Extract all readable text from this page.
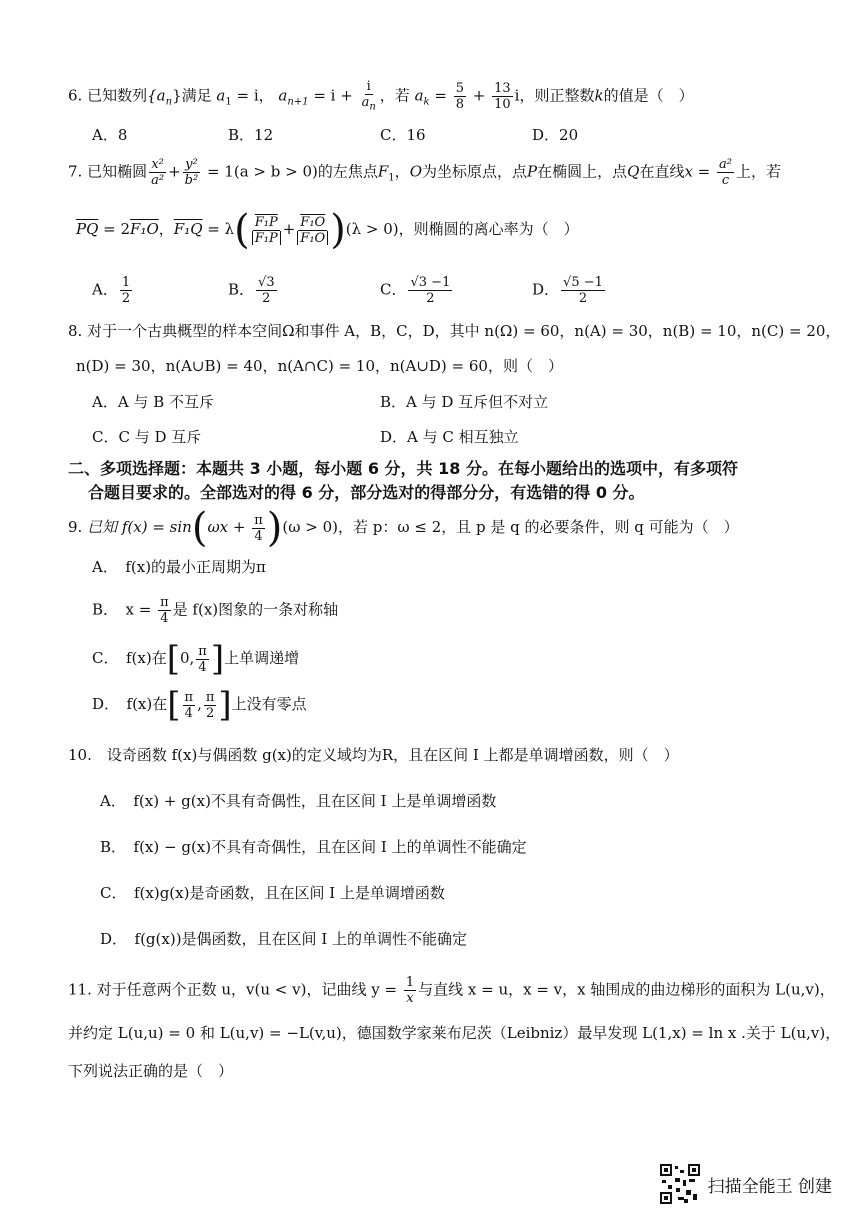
6. 已知数列$\{a_n\}$满足 $a_1 = i$， $a_{n+1} = i + \frac{i}{a_n}$ ，若 $a_k = \frac{5}{8} + \frac{13}{10}$ i，则正整数k的值是（　）
A．8	B．12	C．16	D．20
7. 已知椭圆 $\frac{\text{x²}}{\text{a²}} + \frac{\text{y²}}{\text{b²}} = 1(a > b > 0)$的左焦点$F_1$，O为坐标原点，点P在椭圆上，点Q在直线$x = \frac{\text{a²}}{c}$ 上，若
$\overline{PQ} = 2F_1O$，$F_1Q = \lambda( \frac{\text{F₁P}}{\text{F₁P}} + \frac{\text{F₁O}}{\text{F₁O}} )(\lambda > 0)$，则椭圆的离心率为（　）
A． $\frac{1}{2}$	B． $\frac{√3}{2}$	C． $\frac{√3 -1}{2}$	D． $\frac{√5 -1}{2}$
8. 对于一个古典概型的样本空间Ω和事件 A，B，C，D，其中 n(Ω) = 60，n(A) = 30，n(B) = 10，n(C) = 20，
n(D) = 30，n(A∪B) = 40，n(A∩C) = 10，n(A∪D) = 60，则（　）
A．A 与 B 不互斥	B．A 与 D 互斥但不对立
C．C 与 D 互斥	D．A 与 C 相互独立
二、多项选择题：本题共 3 小题，每小题 6 分，共 18 分。在每小题给出的选项中，有多项符
合题目要求的。全部选对的得 6 分，部分选对的得部分分，有选错的得 0 分。
9. 已知 $f(x) = \sin(\omega x + \frac{\pi}{4} )(\omega > 0)$，若 p：ω ≤ 2，且 p 是 q 的必要条件，则 q 可能为（　）
A．　f(x)的最小正周期为π
B．　$x = \frac{\pi}{4}$ 是 f(x)图象的一条对称轴
C．　f(x)在[0, $\frac{\pi}{4}$ ]上单调递增
D．　f(x)在[ $\frac{\pi}{4}$ , $\frac{\pi}{2}$ ]上没有零点
10.　设奇函数 f(x)与偶函数 g(x)的定义域均为R，且在区间 I 上都是单调增函数，则（　）
A．　f(x) + g(x)不具有奇偶性，且在区间 I 上是单调增函数
B．　f(x) − g(x)不具有奇偶性，且在区间 I 上的单调性不能确定
C．　f(x)g(x)是奇函数，且在区间 I 上是单调增函数
D．　f(g(x))是偶函数，且在区间 I 上的单调性不能确定
11. 对于任意两个正数 u，v(u < v)，记曲线 $y = \frac{1}{x}$ 与直线 x = u，x = v，x 轴围成的曲边梯形的面积为 L(u,v)，
并约定 L(u,u) = 0 和 L(u,v) = −L(v,u)，德国数学家莱布尼茨（Leibniz）最早发现 L(1,x) = ln x .关于 L(u,v)，
下列说法正确的是（　）
扫描全能王 创建
